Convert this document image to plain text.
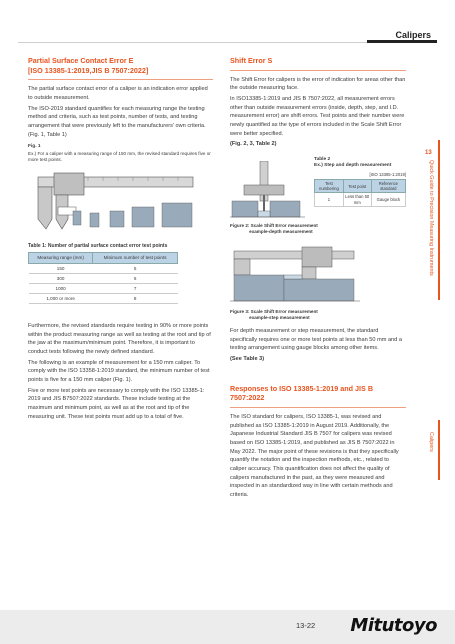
Calipers
Partial Surface Contact Error E
[ISO 13385-1:2019,JIS B 7507:2022]

The partial surface contact error of a caliper is an indication error applied to outside measurement.

The ISO-2019 standard quantifies for each measuring range the testing method and criteria, such as test points, number of tests, and testing arrangement that were previously left to the manufacturers' own criteria. (Fig. 1, Table 1)

Fig. 1
Ex.) For a caliper with a measuring range of 150 mm, the revised standard requires five or more test points.
Table 1: Number of partial surface contact error test points
Measuring range (mm)	Minimum number of test points
150	5
300	6
1000	7
1,000 or more	8

Furthermore, the revised standards require testing in 90% or more points within the product measuring range as well as testing at the root and tip of the jaw at the maximum/minimum point. Therefore, it is important to conduct tests following the newly defined standard.

The following is an example of measurement for a 150 mm caliper. To comply with the ISO 13358-1:2019 standard, the minimum number of test points is five for a 150 mm caliper (Fig. 1).

Five or more test points are necessary to comply with the ISO 13385-1: 2019 and JIS B7507:2022 standards. These include testing at the maximum and minimum point, as well as at the root and tip of the measuring unit. These test points must add up to a total of five.

Shift Error S

The Shift Error for calipers is the error of indication for areas other than the outside measuring face.

In ISO13385-1:2019 and JIS B 7507:2022, all measurement errors other than outside measurement errors (inside, depth, step, and I.D. measurement error) are shift errors. Test points and their number were newly quantified as the type of errors included in the Scale Shift Error were better specified.

(Fig. 2, 3, Table 2)

Table 2
Ex.) Step and depth measurement
[ISO 13385-1:2019]
Test numbering	Test point	Reference standard
1	Less than 50 mm	Gauge block
Figure 2: Scale Shift Error measurement
example-depth measurement
Figure 3: Scale Shift Error measurement
example-step measurement

For depth measurement or step measurement, the standard specifically requires one or more test points at less than 50 mm and a testing arrangement using gauge blocks among other items.

(See Table 3)

Responses to ISO 13385-1:2019 and JIS B 7507:2022

The ISO standard for calipers, ISO 13385-1, was revised and published as ISO 13385-1:2019 in August 2019. Additionally, the Japanese Industrial Standard JIS B 7507 for calipers was revised based on ISO 13385-1:2019, and published as JIS B 7507:2022 in May 2022. The major point of these revisions is that they specifically quantify the notation and the inspection methods, etc., related to caliper accuracy. This quantification does not affect the quality of calipers manufactured in the past, as they were measured and inspected in an standardized way in line with certain methods and criteria.

13
Quick Guide to Precision Measuring Instruments
Calipers
13-22 Mitutoyo
